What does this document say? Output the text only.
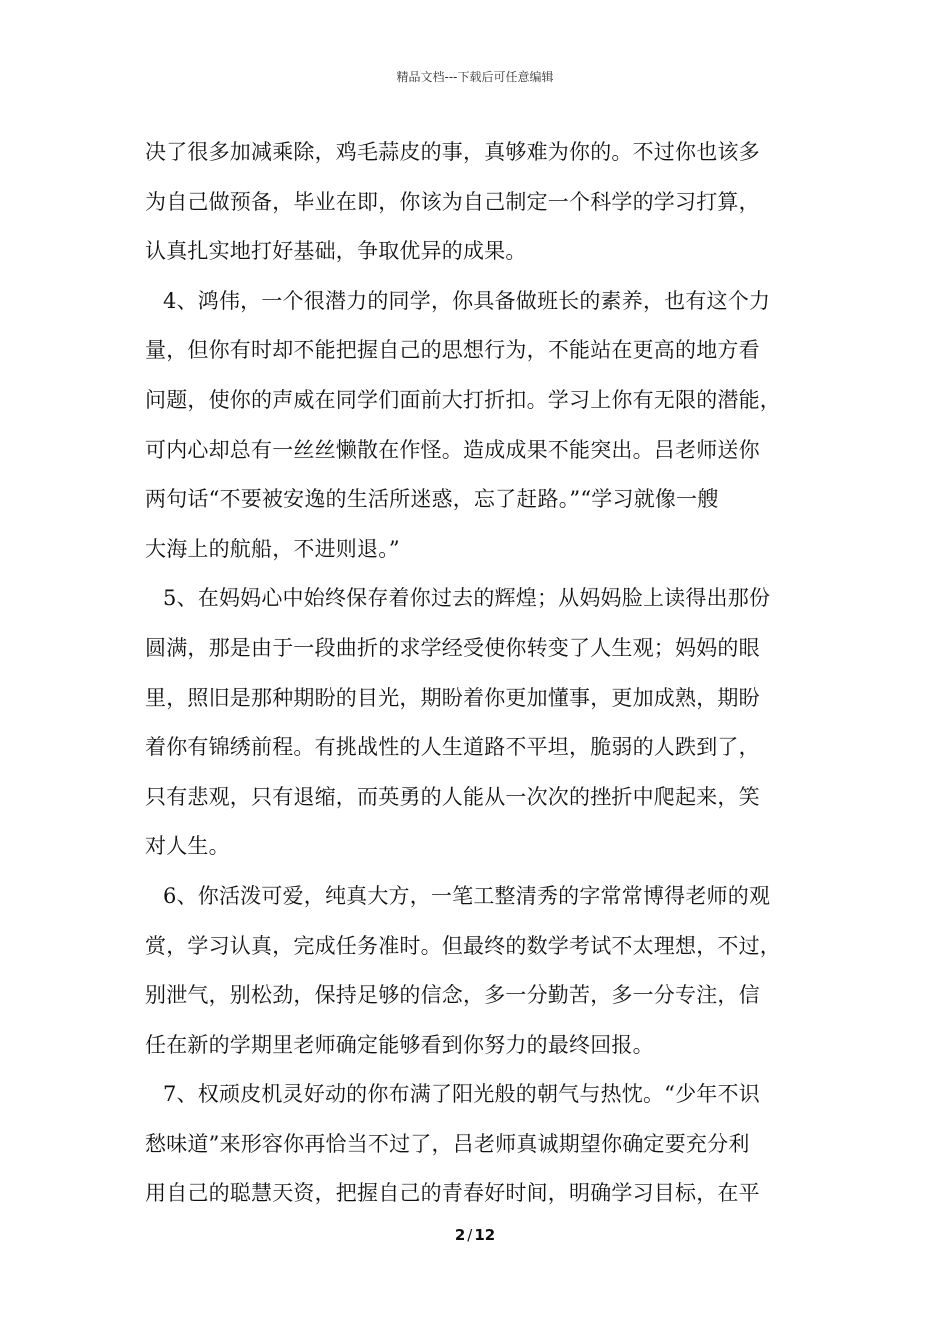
精品文档---下载后可任意编辑
决了很多加减乘除，鸡毛蒜皮的事，真够难为你的。不过你也该多
为自己做预备，毕业在即，你该为自己制定一个科学的学习打算，
认真扎实地打好基础，争取优异的成果。
4、鸿伟，一个很潜力的同学，你具备做班长的素养，也有这个力
量，但你有时却不能把握自己的思想行为，不能站在更高的地方看
问题，使你的声威在同学们面前大打折扣。学习上你有无限的潜能，
可内心却总有一丝丝懒散在作怪。造成成果不能突出。吕老师送你
两句话“不要被安逸的生活所迷惑，忘了赶路。”“学习就像一艘
大海上的航船，不进则退。”
5、在妈妈心中始终保存着你过去的辉煌；从妈妈脸上读得出那份
圆满，那是由于一段曲折的求学经受使你转变了人生观；妈妈的眼
里，照旧是那种期盼的目光，期盼着你更加懂事，更加成熟，期盼
着你有锦绣前程。有挑战性的人生道路不平坦，脆弱的人跌到了，
只有悲观，只有退缩，而英勇的人能从一次次的挫折中爬起来，笑
对人生。
6、你活泼可爱，纯真大方，一笔工整清秀的字常常博得老师的观
赏，学习认真，完成任务准时。但最终的数学考试不太理想，不过，
别泄气，别松劲，保持足够的信念，多一分勤苦，多一分专注，信
任在新的学期里老师确定能够看到你努力的最终回报。
7、权顽皮机灵好动的你布满了阳光般的朝气与热忱。“少年不识
愁味道”来形容你再恰当不过了，吕老师真诚期望你确定要充分利
用自己的聪慧天资，把握自己的青春好时间，明确学习目标，在平
2 / 12
